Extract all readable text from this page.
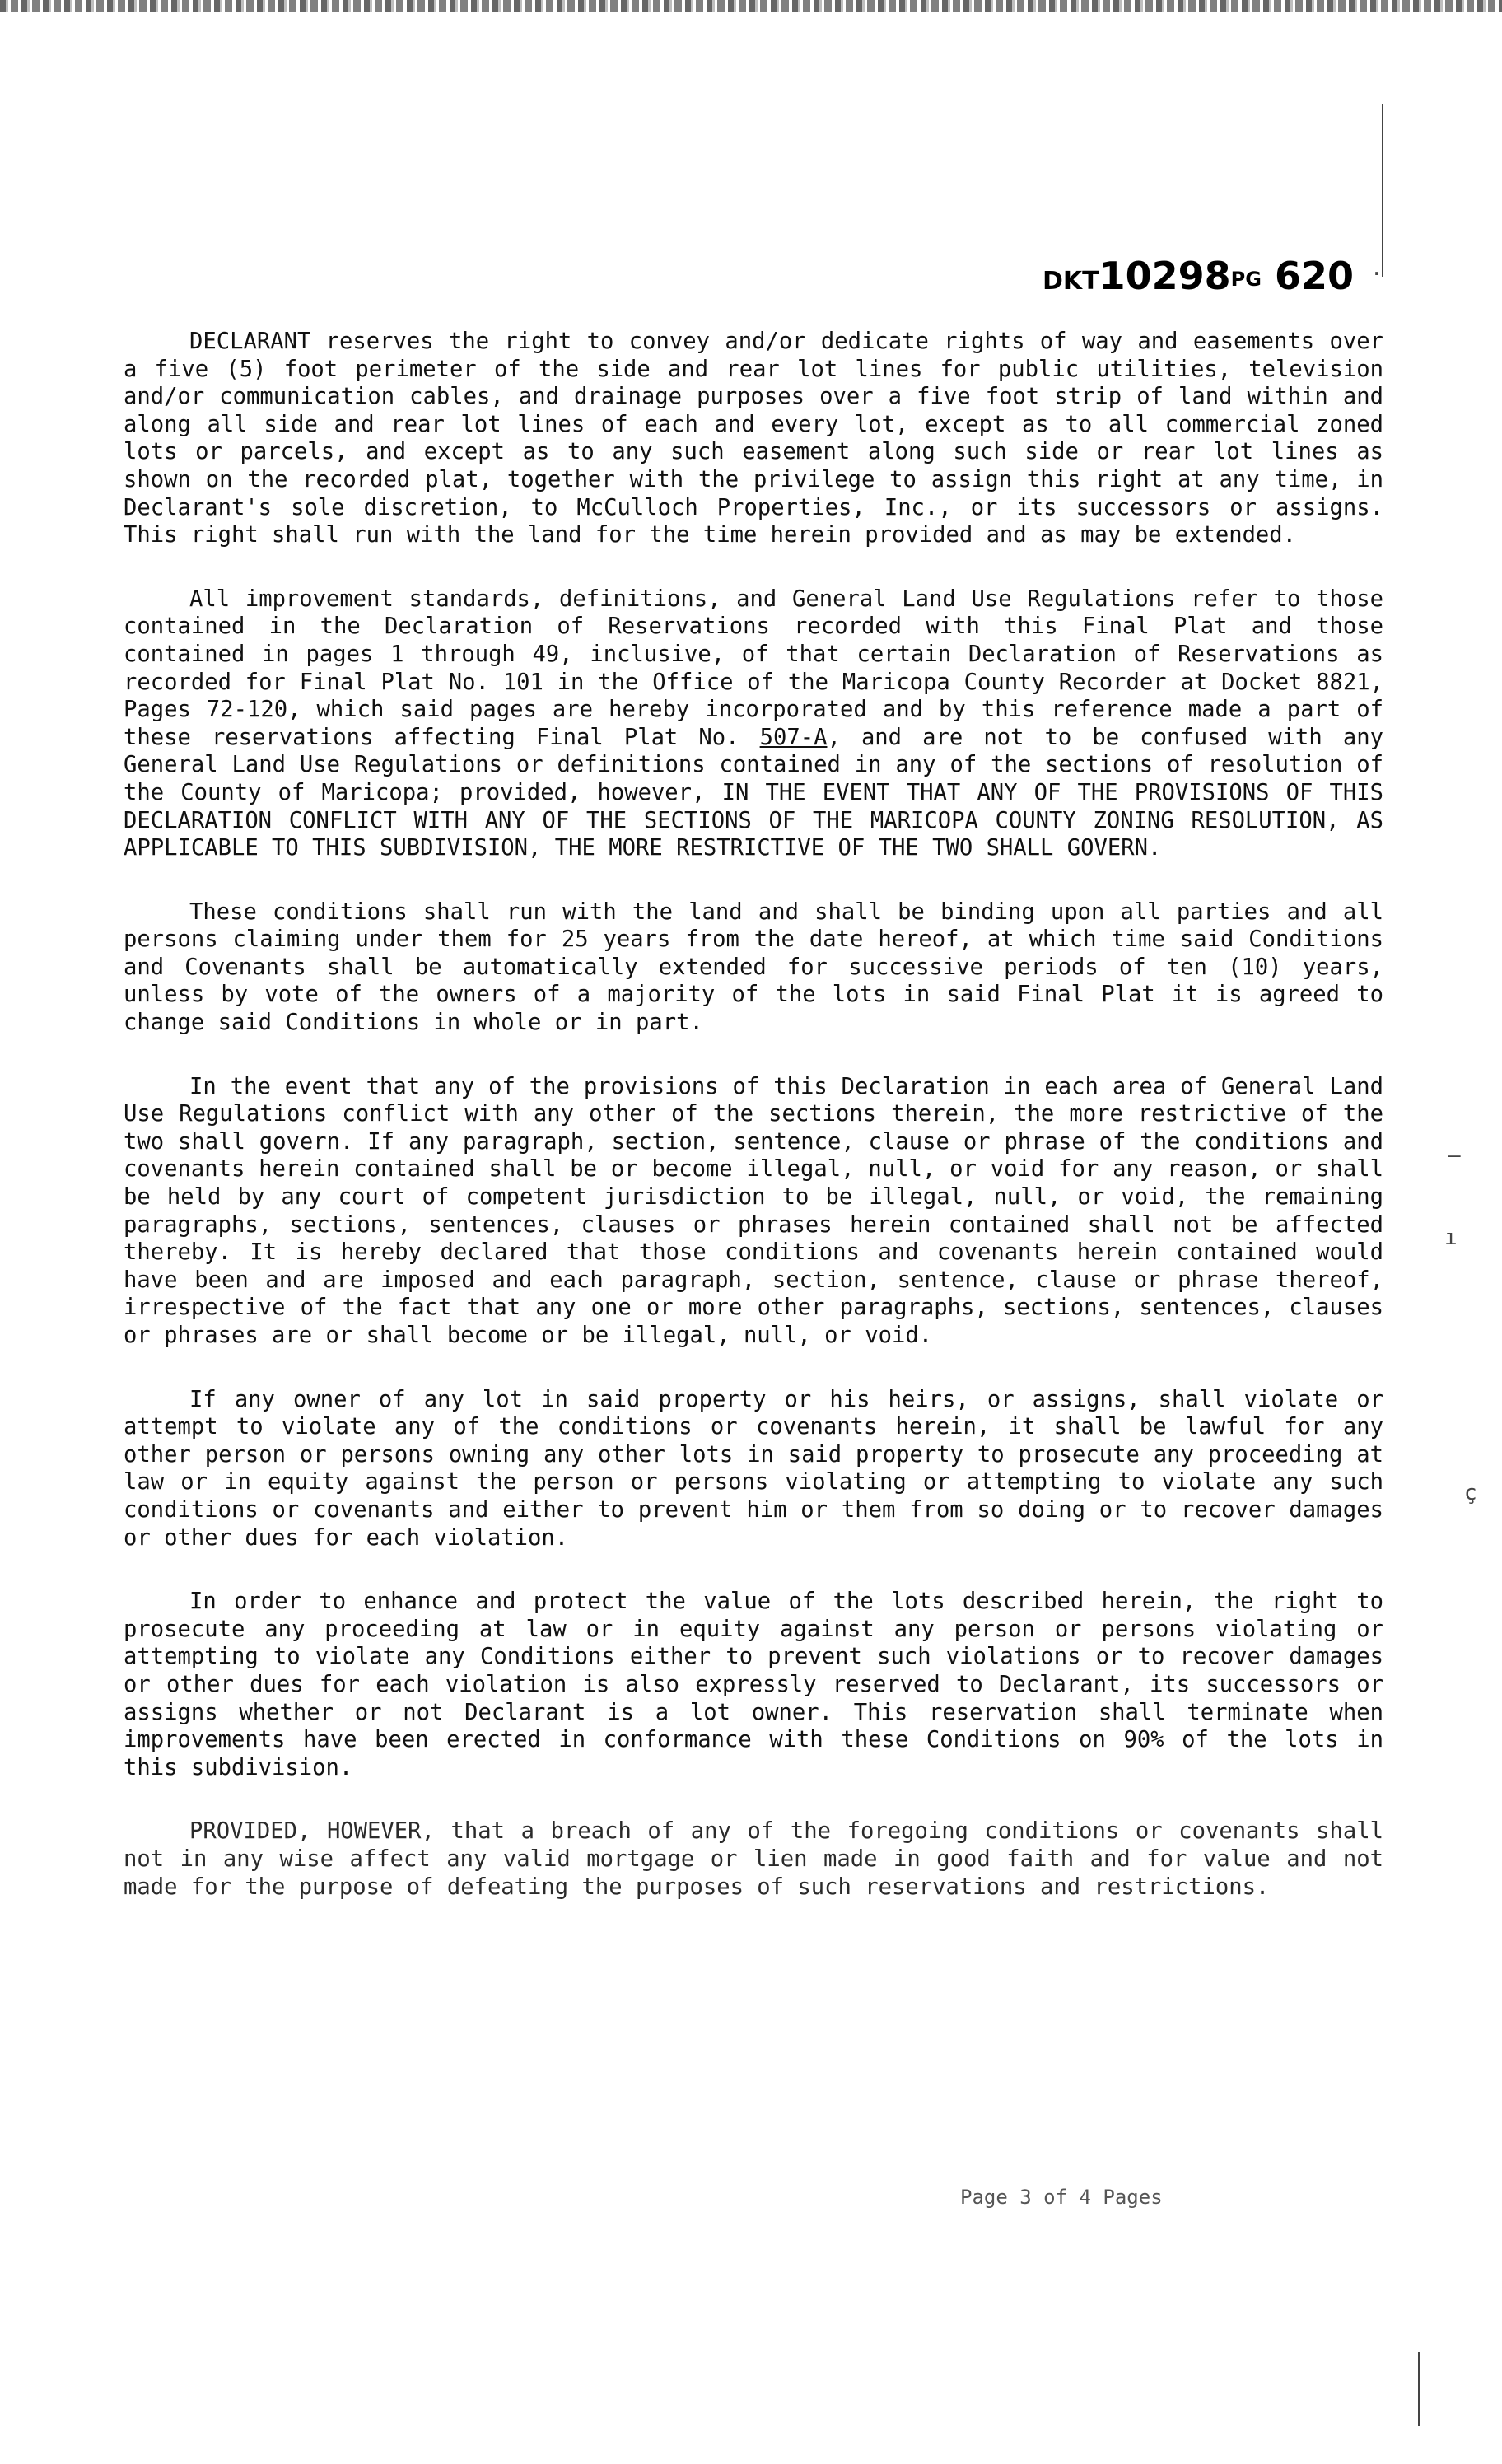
–
ı
ç
·
DKT10298PG 620

DECLARANT reserves the right to convey and/or dedicate rights of way and easements over a five (5) foot perimeter of the side and rear lot lines for public utilities, television and/or communication cables, and drainage purposes over a five foot strip of land within and along all side and rear lot lines of each and every lot, except as to all commercial zoned lots or parcels, and except as to any such easement along such side or rear lot lines as shown on the recorded plat, together with the privilege to assign this right at any time, in Declarant's sole discretion, to McCulloch Properties, Inc., or its successors or assigns. This right shall run with the land for the time herein provided and as may be extended.

All improvement standards, definitions, and General Land Use Regulations refer to those contained in the Declaration of Reservations recorded with this Final Plat and those contained in pages 1 through 49, inclusive, of that certain Declaration of Reservations as recorded for Final Plat No. 101 in the Office of the Maricopa County Recorder at Docket 8821, Pages 72-120, which said pages are hereby incorporated and by this reference made a part of these reservations affecting Final Plat No. 507-A, and are not to be confused with any General Land Use Regulations or definitions contained in any of the sections of resolution of the County of Maricopa; provided, however, IN THE EVENT THAT ANY OF THE PROVISIONS OF THIS DECLARATION CONFLICT WITH ANY OF THE SECTIONS OF THE MARICOPA COUNTY ZONING RESOLUTION, AS APPLICABLE TO THIS SUBDIVISION, THE MORE RESTRICTIVE OF THE TWO SHALL GOVERN.

These conditions shall run with the land and shall be binding upon all parties and all persons claiming under them for 25 years from the date hereof, at which time said Conditions and Covenants shall be automatically extended for successive periods of ten (10) years, unless by vote of the owners of a majority of the lots in said Final Plat it is agreed to change said Conditions in whole or in part.

In the event that any of the provisions of this Declaration in each area of General Land Use Regulations conflict with any other of the sections therein, the more restrictive of the two shall govern. If any paragraph, section, sentence, clause or phrase of the conditions and covenants herein contained shall be or become illegal, null, or void for any reason, or shall be held by any court of competent jurisdiction to be illegal, null, or void, the remaining paragraphs, sections, sentences, clauses or phrases herein contained shall not be affected thereby. It is hereby declared that those conditions and covenants herein contained would have been and are imposed and each paragraph, section, sentence, clause or phrase thereof, irrespective of the fact that any one or more other paragraphs, sections, sentences, clauses or phrases are or shall become or be illegal, null, or void.

If any owner of any lot in said property or his heirs, or assigns, shall violate or attempt to violate any of the conditions or covenants herein, it shall be lawful for any other person or persons owning any other lots in said property to prosecute any proceeding at law or in equity against the person or persons violating or attempting to violate any such conditions or covenants and either to prevent him or them from so doing or to recover damages or other dues for each violation.

In order to enhance and protect the value of the lots described herein, the right to prosecute any proceeding at law or in equity against any person or persons violating or attempting to violate any Conditions either to prevent such violations or to recover damages or other dues for each violation is also expressly reserved to Declarant, its successors or assigns whether or not Declarant is a lot owner. This reservation shall terminate when improvements have been erected in conformance with these Conditions on 90% of the lots in this subdivision.

PROVIDED, HOWEVER, that a breach of any of the foregoing conditions or covenants shall not in any wise affect any valid mortgage or lien made in good faith and for value and not made for the purpose of defeating the purposes of such reservations and restrictions.

Page 3 of 4 Pages
